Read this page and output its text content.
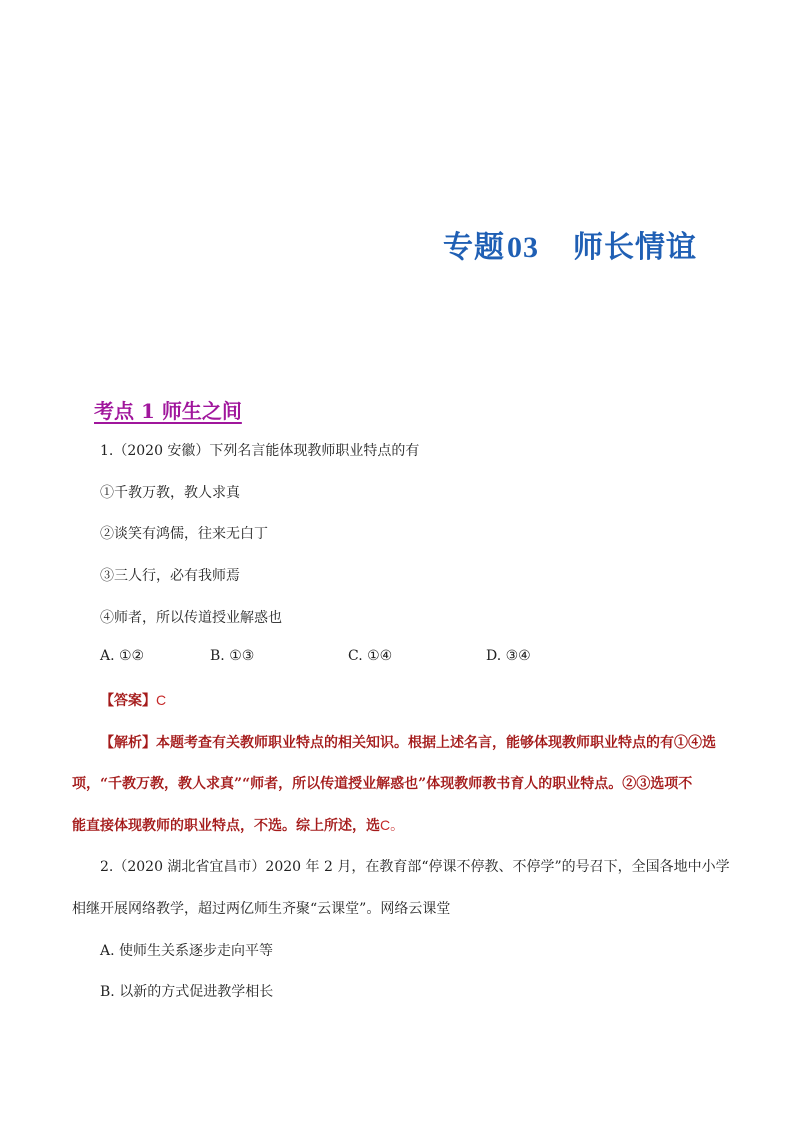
专题03 师长情谊
考点 1 师生之间
1.（2020 安徽）下列名言能体现教师职业特点的有
①千教万教，教人求真
②谈笑有鸿儒，往来无白丁
③三人行，必有我师焉
④师者，所以传道授业解惑也
A. ①②	B. ①③	C. ①④	D. ③④
【答案】C
【解析】本题考查有关教师职业特点的相关知识。根据上述名言，能够体现教师职业特点的有①④选
项，“千教万教，教人求真”“师者，所以传道授业解惑也”体现教师教书育人的职业特点。②③选项不
能直接体现教师的职业特点，不选。综上所述，选C。
2.（2020 湖北省宜昌市）2020 年 2 月，在教育部“停课不停教、不停学”的号召下，全国各地中小学
相继开展网络教学，超过两亿师生齐聚“云课堂”。网络云课堂
A. 使师生关系逐步走向平等
B. 以新的方式促进教学相长
